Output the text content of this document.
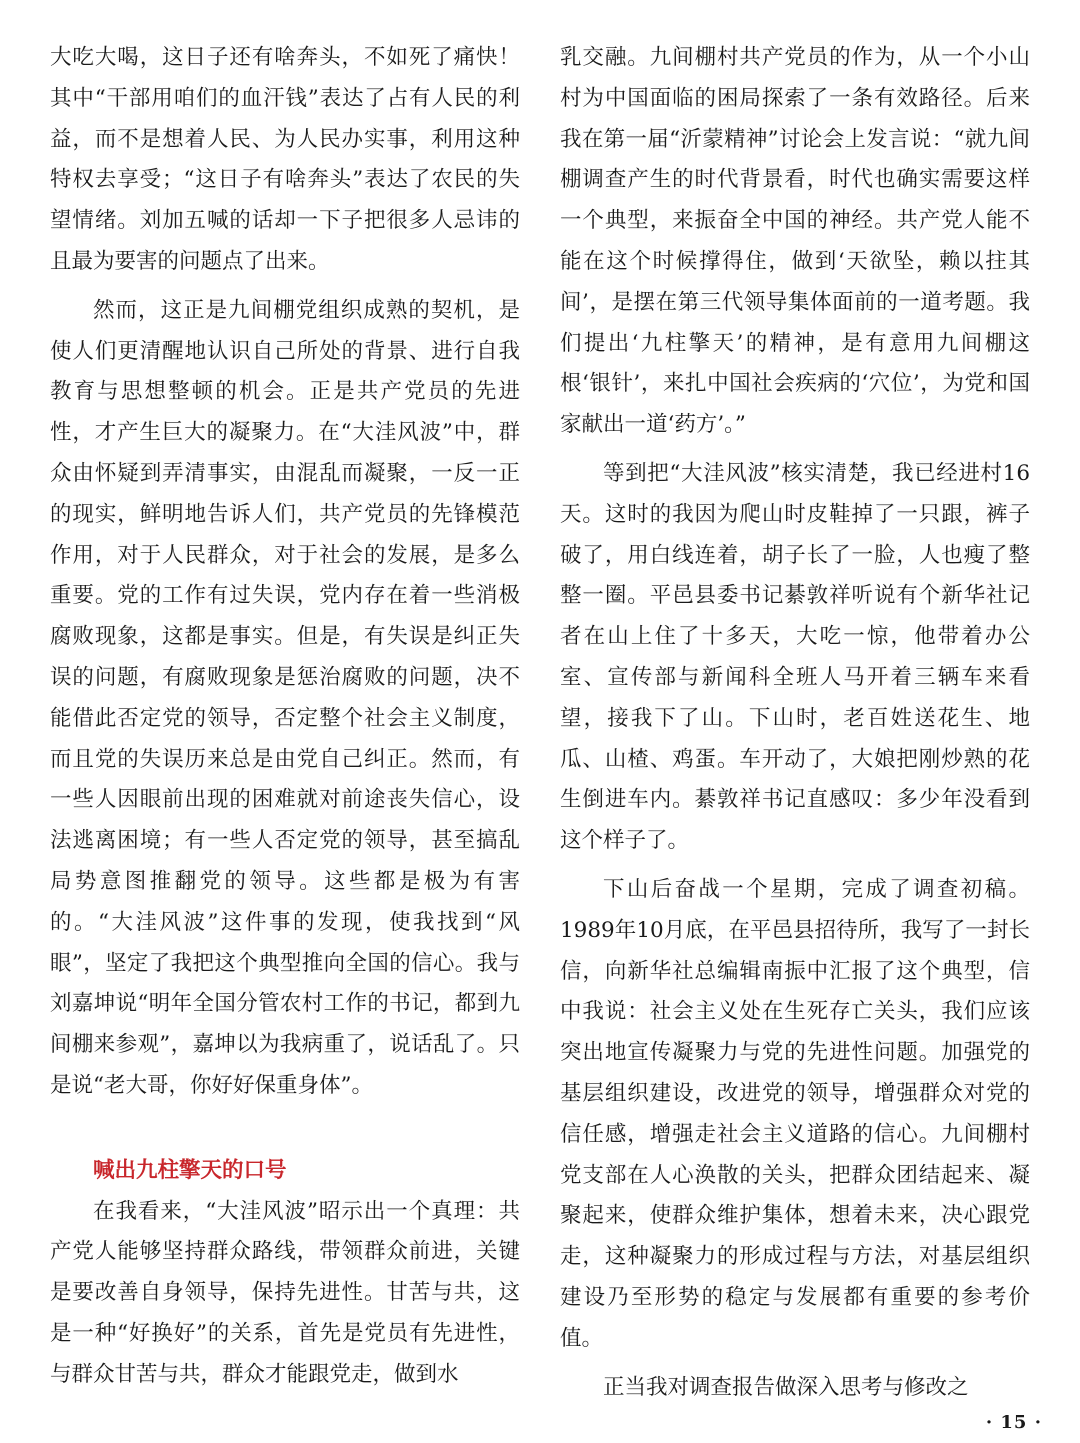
大吃大喝，这日子还有啥奔头，不如死了痛快！其中“干部用咱们的血汗钱”表达了占有人民的利益，而不是想着人民、为人民办实事，利用这种特权去享受；“这日子有啥奔头”表达了农民的失望情绪。刘加五喊的话却一下子把很多人忌讳的且最为要害的问题点了出来。

然而，这正是九间棚党组织成熟的契机，是使人们更清醒地认识自己所处的背景、进行自我教育与思想整顿的机会。正是共产党员的先进性，才产生巨大的凝聚力。在“大洼风波”中，群众由怀疑到弄清事实，由混乱而凝聚，一反一正的现实，鲜明地告诉人们，共产党员的先锋模范作用，对于人民群众，对于社会的发展，是多么重要。党的工作有过失误，党内存在着一些消极腐败现象，这都是事实。但是，有失误是纠正失误的问题，有腐败现象是惩治腐败的问题，决不能借此否定党的领导，否定整个社会主义制度，而且党的失误历来总是由党自己纠正。然而，有一些人因眼前出现的困难就对前途丧失信心，设法逃离困境；有一些人否定党的领导，甚至搞乱局势意图推翻党的领导。这些都是极为有害的。“大洼风波”这件事的发现，使我找到“风眼”，坚定了我把这个典型推向全国的信心。我与刘嘉坤说“明年全国分管农村工作的书记，都到九间棚来参观”，嘉坤以为我病重了，说话乱了。只是说“老大哥，你好好保重身体”。

喊出九柱擎天的口号

在我看来，“大洼风波”昭示出一个真理：共产党人能够坚持群众路线，带领群众前进，关键是要改善自身领导，保持先进性。甘苦与共，这是一种“好换好”的关系，首先是党员有先进性，与群众甘苦与共，群众才能跟党走，做到水

乳交融。九间棚村共产党员的作为，从一个小山村为中国面临的困局探索了一条有效路径。后来我在第一届“沂蒙精神”讨论会上发言说：“就九间棚调查产生的时代背景看，时代也确实需要这样一个典型，来振奋全中国的神经。共产党人能不能在这个时候撑得住，做到‘天欲坠，赖以拄其间’，是摆在第三代领导集体面前的一道考题。我们提出‘九柱擎天’的精神，是有意用九间棚这根‘银针’，来扎中国社会疾病的‘穴位’，为党和国家献出一道‘药方’。”

等到把“大洼风波”核实清楚，我已经进村16天。这时的我因为爬山时皮鞋掉了一只跟，裤子破了，用白线连着，胡子长了一脸，人也瘦了整整一圈。平邑县委书记綦敦祥听说有个新华社记者在山上住了十多天，大吃一惊，他带着办公室、宣传部与新闻科全班人马开着三辆车来看望，接我下了山。下山时，老百姓送花生、地瓜、山楂、鸡蛋。车开动了，大娘把刚炒熟的花生倒进车内。綦敦祥书记直感叹：多少年没看到这个样子了。

下山后奋战一个星期，完成了调查初稿。1989年10月底，在平邑县招待所，我写了一封长信，向新华社总编辑南振中汇报了这个典型，信中我说：社会主义处在生死存亡关头，我们应该突出地宣传凝聚力与党的先进性问题。加强党的基层组织建设，改进党的领导，增强群众对党的信任感，增强走社会主义道路的信心。九间棚村党支部在人心涣散的关头，把群众团结起来、凝聚起来，使群众维护集体，想着未来，决心跟党走，这种凝聚力的形成过程与方法，对基层组织建设乃至形势的稳定与发展都有重要的参考价值。

正当我对调查报告做深入思考与修改之

· 15 ·
